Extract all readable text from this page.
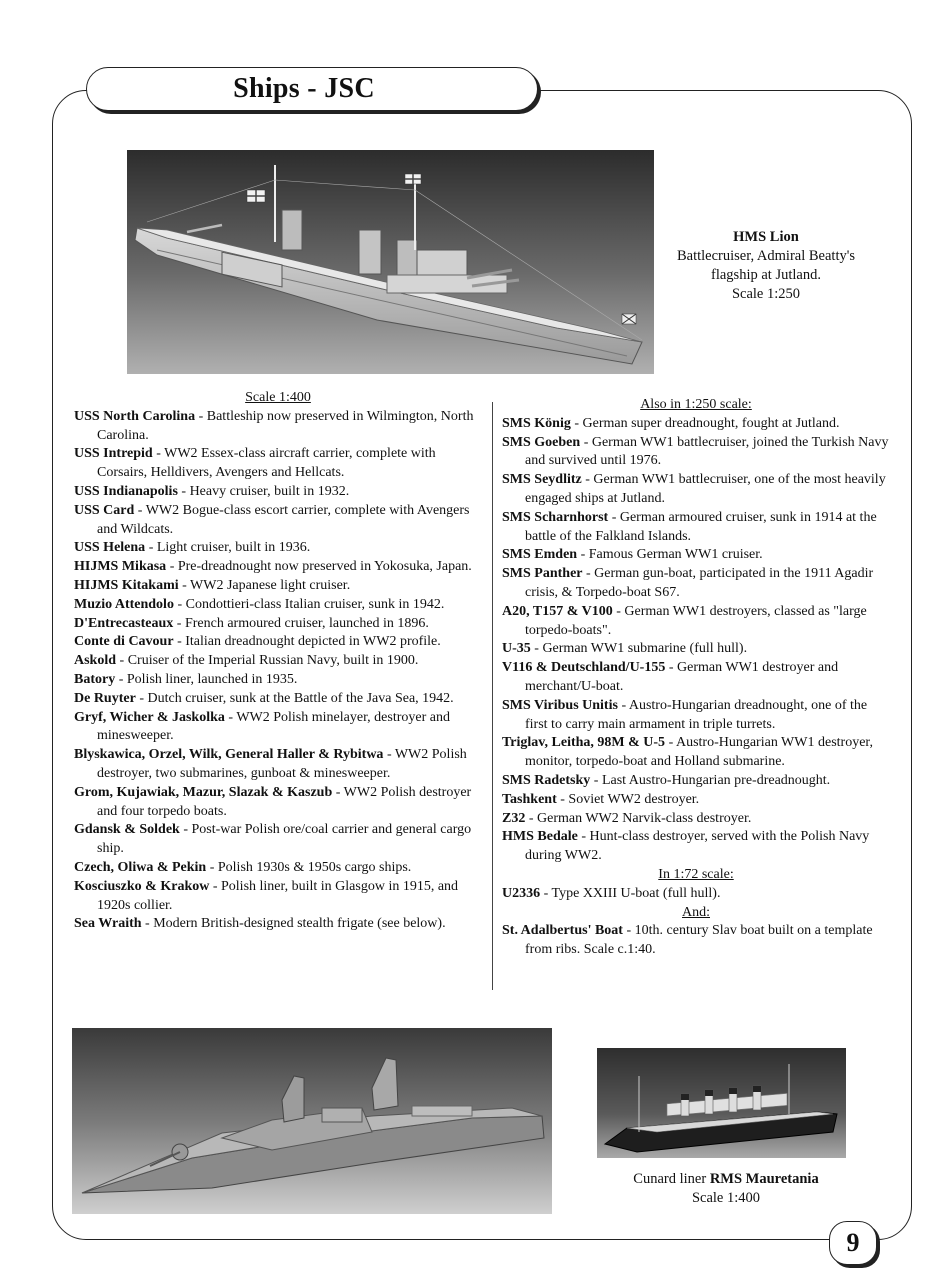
Ships - JSC
HMS Lion
Battlecruiser, Admiral Beatty's
flagship at Jutland.
Scale 1:250

Scale 1:400

USS North Carolina - Battleship now preserved in Wilmington, North Carolina.

USS Intrepid - WW2 Essex-class aircraft carrier, complete with Corsairs, Helldivers, Avengers and Hellcats.

USS Indianapolis - Heavy cruiser, built in 1932.

USS Card - WW2 Bogue-class escort carrier, complete with Avengers and Wildcats.

USS Helena - Light cruiser, built in 1936.

HIJMS Mikasa - Pre-dreadnought now preserved in Yokosuka, Japan.

HIJMS Kitakami - WW2 Japanese light cruiser.

Muzio Attendolo - Condottieri-class Italian cruiser, sunk in 1942.

D'Entrecasteaux - French armoured cruiser, launched in 1896.

Conte di Cavour - Italian dreadnought depicted in WW2 profile.

Askold - Cruiser of the Imperial Russian Navy, built in 1900.

Batory - Polish liner, launched in 1935.

De Ruyter - Dutch cruiser, sunk at the Battle of the Java Sea, 1942.

Gryf, Wicher & Jaskolka - WW2 Polish minelayer, destroyer and minesweeper.

Blyskawica, Orzel, Wilk, General Haller & Rybitwa - WW2 Polish destroyer, two submarines, gunboat & minesweeper.

Grom, Kujawiak, Mazur, Slazak & Kaszub - WW2 Polish destroyer and four torpedo boats.

Gdansk & Soldek - Post-war Polish ore/coal carrier and general cargo ship.

Czech, Oliwa & Pekin - Polish 1930s & 1950s cargo ships.

Kosciuszko & Krakow - Polish liner, built in Glasgow in 1915, and 1920s collier.

Sea Wraith - Modern British-designed stealth frigate (see below).

Also in 1:250 scale:

SMS König - German super dreadnought, fought at Jutland.

SMS Goeben - German WW1 battlecruiser, joined the Turkish Navy and survived until 1976.

SMS Seydlitz - German WW1 battlecruiser, one of the most heavily engaged ships at Jutland.

SMS Scharnhorst - German armoured cruiser, sunk in 1914 at the battle of the Falkland Islands.

SMS Emden - Famous German WW1 cruiser.

SMS Panther - German gun-boat, participated in the 1911 Agadir crisis, & Torpedo-boat S67.

A20, T157 & V100 - German WW1 destroyers, classed as "large torpedo-boats".

U-35 - German WW1 submarine (full hull).

V116 & Deutschland/U-155 - German WW1 destroyer and merchant/U-boat.

SMS Viribus Unitis - Austro-Hungarian dreadnought, one of the first to carry main armament in triple turrets.

Triglav, Leitha, 98M & U-5 - Austro-Hungarian WW1 destroyer, monitor, torpedo-boat and Holland submarine.

SMS Radetsky - Last Austro-Hungarian pre-dreadnought.

Tashkent - Soviet WW2 destroyer.

Z32 - German WW2 Narvik-class destroyer.

HMS Bedale - Hunt-class destroyer, served with the Polish Navy during WW2.

In 1:72 scale:

U2336 - Type XXIII U-boat (full hull).

And:

St. Adalbertus' Boat - 10th. century Slav boat built on a template from ribs. Scale c.1:40.

Cunard liner RMS Mauretania
Scale 1:400
9
